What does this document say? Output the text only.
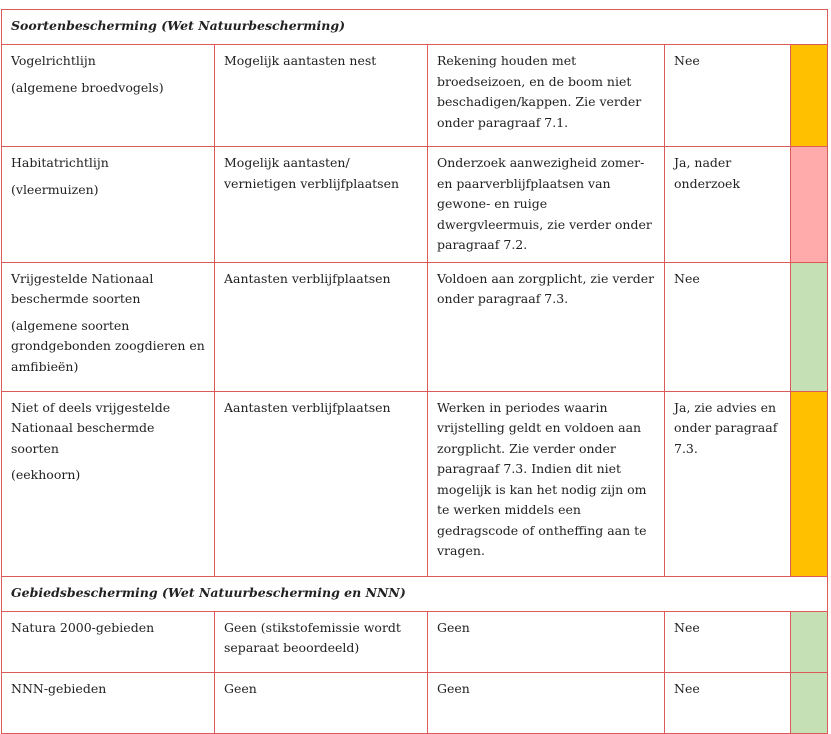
Soortenbescherming (Wet Natuurbescherming)				

Vogelrichtlijn
(algemene broedvogels)	Mogelijk aantasten nest	Rekening houden met broedseizoen, en de boom niet beschadigen/kappen. Zie verder onder paragraaf 7.1.	Nee	

Habitatrichtlijn
(vleermuizen)	Mogelijk aantasten/ vernietigen verblijfplaatsen	Onderzoek aanwezigheid zomer- en paarverblijfplaatsen van gewone- en ruige dwergvleermuis, zie verder onder paragraaf 7.2.	Ja, nader onderzoek	

Vrijgestelde Nationaal beschermde soorten
(algemene soorten grondgebonden zoogdieren en amfibieën)	Aantasten verblijfplaatsen	Voldoen aan zorgplicht, zie verder onder paragraaf 7.3.	Nee	

Niet of deels vrijgestelde Nationaal beschermde soorten
(eekhoorn)	Aantasten verblijfplaatsen	Werken in periodes waarin vrijstelling geldt en voldoen aan zorgplicht. Zie verder onder paragraaf 7.3. Indien dit niet mogelijk is kan het nodig zijn om te werken middels een gedragscode of ontheffing aan te vragen.	Ja, zie advies en onder paragraaf 7.3.	
Gebiedsbescherming (Wet Natuurbescherming en NNN)				
Natura 2000-gebieden	Geen (stikstofemissie wordt separaat beoordeeld)	Geen	Nee	
NNN-gebieden	Geen	Geen	Nee	
